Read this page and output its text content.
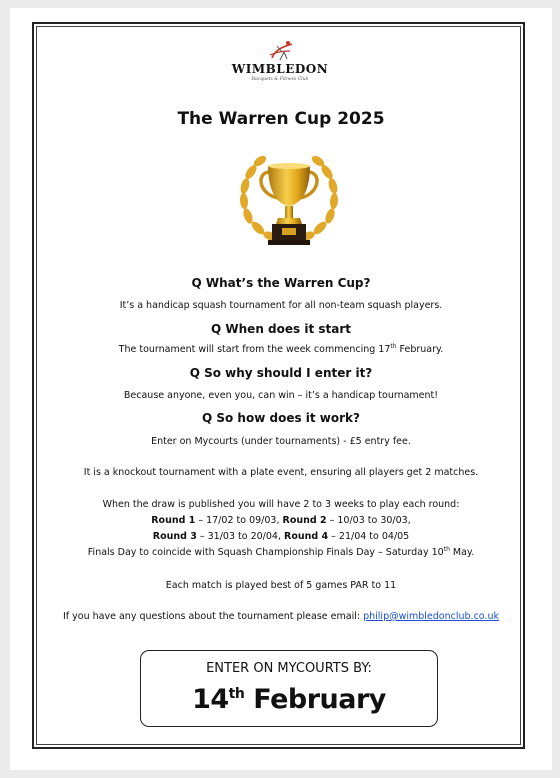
WIMBLEDON
Racquets & Fitness Club
The Warren Cup 2025
Q What’s the Warren Cup?
It’s a handicap squash tournament for all non-team squash players.
Q When does it start
The tournament will start from the week commencing 17th February.
Q So why should I enter it?
Because anyone, even you, can win – it’s a handicap tournament!
Q So how does it work?
Enter on Mycourts (under tournaments) - £5 entry fee.
It is a knockout tournament with a plate event, ensuring all players get 2 matches.
When the draw is published you will have 2 to 3 weeks to play each round:
Round 1 – 17/02 to 09/03, Round 2 – 10/03 to 30/03,
Round 3 – 31/03 to 20/04, Round 4 – 21/04 to 04/05
Finals Day to coincide with Squash Championship Finals Day – Saturday 10th May.
Each match is played best of 5 games PAR to 11
If you have any questions about the tournament please email: philip@wimbledonclub.co.uk
ENTER ON MYCOURTS BY:
14th February
